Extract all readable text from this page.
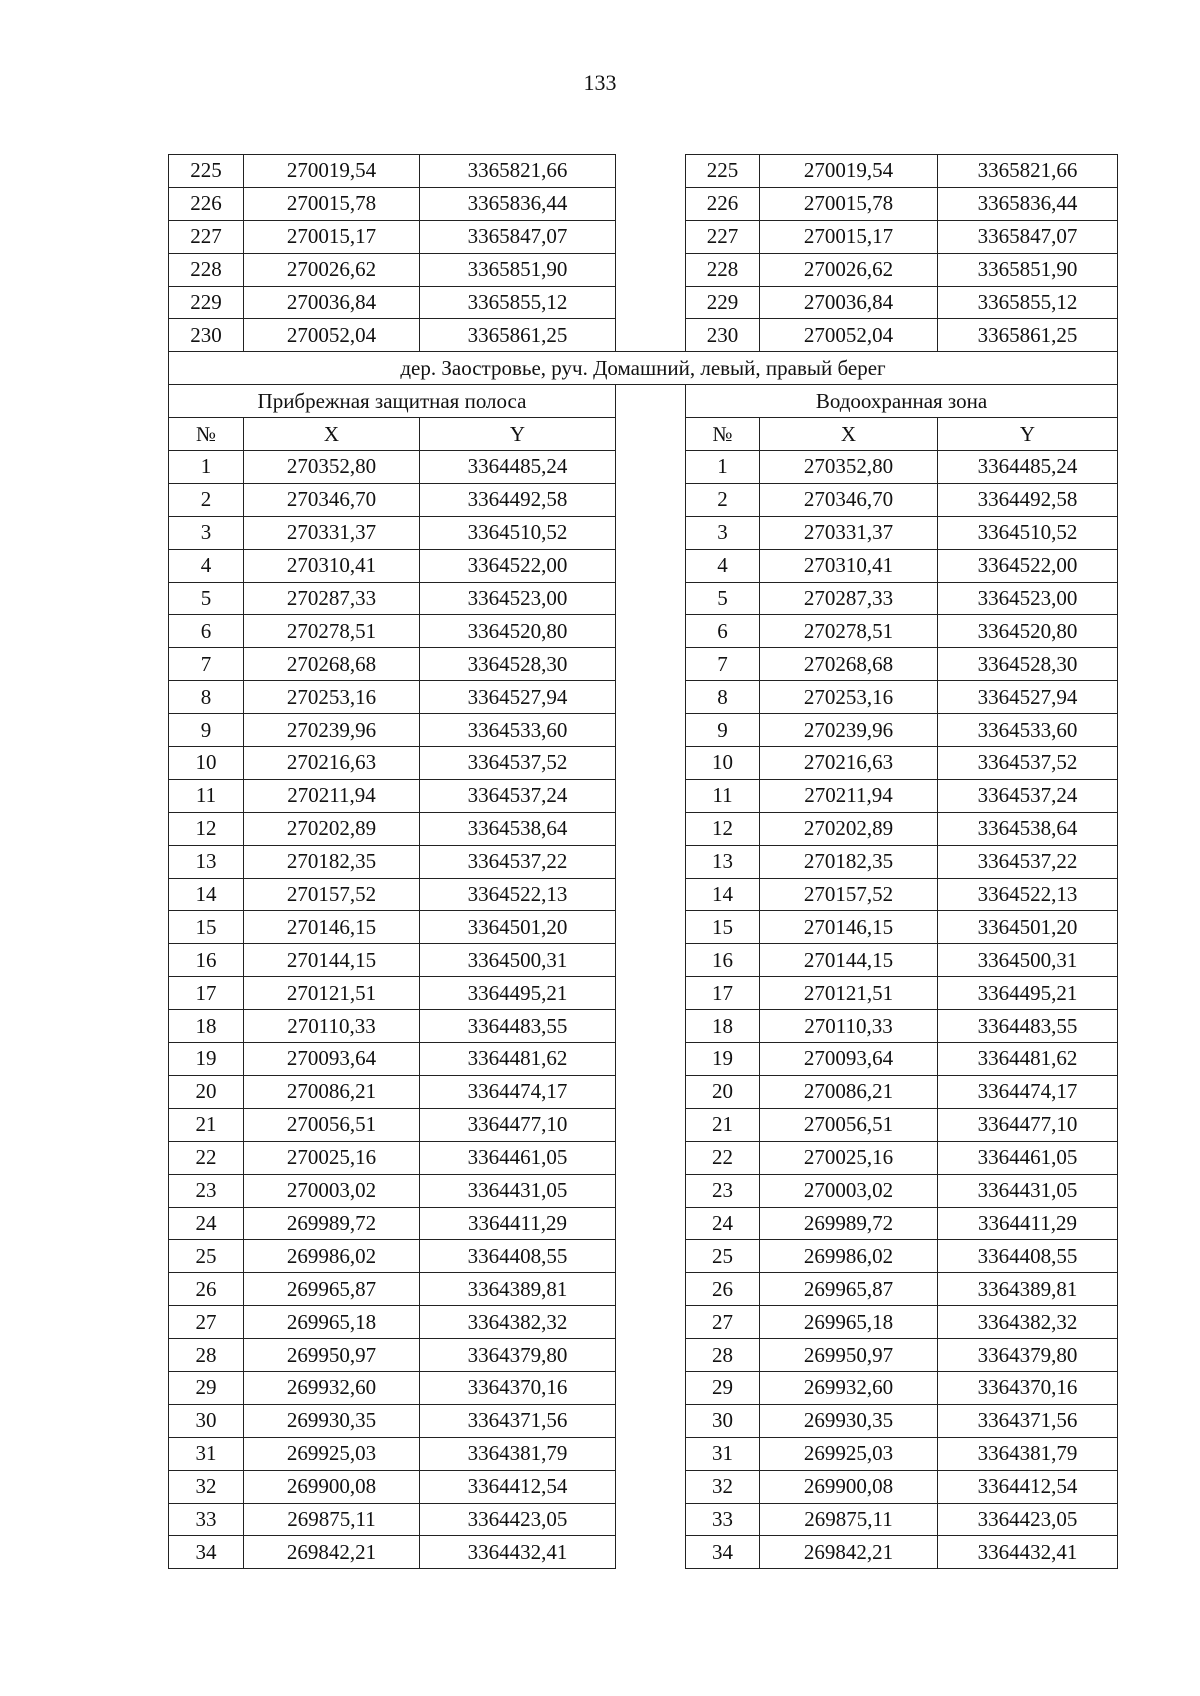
133
225	270019,54	3365821,66		225	270019,54	3365821,66
226	270015,78	3365836,44		226	270015,78	3365836,44
227	270015,17	3365847,07		227	270015,17	3365847,07
228	270026,62	3365851,90		228	270026,62	3365851,90
229	270036,84	3365855,12		229	270036,84	3365855,12
230	270052,04	3365861,25		230	270052,04	3365861,25
дер. Заостровье, руч. Домашний, левый, правый берег						
Прибрежная защитная полоса				Водоохранная зона		
№	X	Y		№	X	Y
1	270352,80	3364485,24		1	270352,80	3364485,24
2	270346,70	3364492,58		2	270346,70	3364492,58
3	270331,37	3364510,52		3	270331,37	3364510,52
4	270310,41	3364522,00		4	270310,41	3364522,00
5	270287,33	3364523,00		5	270287,33	3364523,00
6	270278,51	3364520,80		6	270278,51	3364520,80
7	270268,68	3364528,30		7	270268,68	3364528,30
8	270253,16	3364527,94		8	270253,16	3364527,94
9	270239,96	3364533,60		9	270239,96	3364533,60
10	270216,63	3364537,52		10	270216,63	3364537,52
11	270211,94	3364537,24		11	270211,94	3364537,24
12	270202,89	3364538,64		12	270202,89	3364538,64
13	270182,35	3364537,22		13	270182,35	3364537,22
14	270157,52	3364522,13		14	270157,52	3364522,13
15	270146,15	3364501,20		15	270146,15	3364501,20
16	270144,15	3364500,31		16	270144,15	3364500,31
17	270121,51	3364495,21		17	270121,51	3364495,21
18	270110,33	3364483,55		18	270110,33	3364483,55
19	270093,64	3364481,62		19	270093,64	3364481,62
20	270086,21	3364474,17		20	270086,21	3364474,17
21	270056,51	3364477,10		21	270056,51	3364477,10
22	270025,16	3364461,05		22	270025,16	3364461,05
23	270003,02	3364431,05		23	270003,02	3364431,05
24	269989,72	3364411,29		24	269989,72	3364411,29
25	269986,02	3364408,55		25	269986,02	3364408,55
26	269965,87	3364389,81		26	269965,87	3364389,81
27	269965,18	3364382,32		27	269965,18	3364382,32
28	269950,97	3364379,80		28	269950,97	3364379,80
29	269932,60	3364370,16		29	269932,60	3364370,16
30	269930,35	3364371,56		30	269930,35	3364371,56
31	269925,03	3364381,79		31	269925,03	3364381,79
32	269900,08	3364412,54		32	269900,08	3364412,54
33	269875,11	3364423,05		33	269875,11	3364423,05
34	269842,21	3364432,41		34	269842,21	3364432,41
